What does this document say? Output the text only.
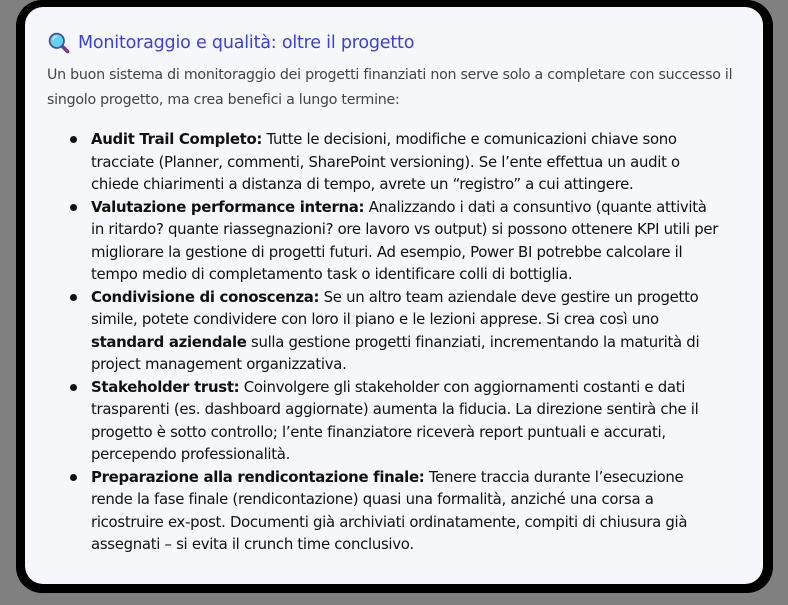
Monitoraggio e qualità: oltre il progetto
Un buon sistema di monitoraggio dei progetti finanziati non serve solo a completare con successo il singolo progetto, ma crea benefici a lungo termine:
Audit Trail Completo: Tutte le decisioni, modifiche e comunicazioni chiave sono tracciate (Planner, commenti, SharePoint versioning). Se l’ente effettua un audit o chiede chiarimenti a distanza di tempo, avrete un “registro” a cui attingere.
Valutazione performance interna: Analizzando i dati a consuntivo (quante attività in ritardo? quante riassegnazioni? ore lavoro vs output) si possono ottenere KPI utili per migliorare la gestione di progetti futuri. Ad esempio, Power BI potrebbe calcolare il tempo medio di completamento task o identificare colli di bottiglia.
Condivisione di conoscenza: Se un altro team aziendale deve gestire un progetto simile, potete condividere con loro il piano e le lezioni apprese. Si crea così uno standard aziendale sulla gestione progetti finanziati, incrementando la maturità di project management organizzativa.
Stakeholder trust: Coinvolgere gli stakeholder con aggiornamenti costanti e dati trasparenti (es. dashboard aggiornate) aumenta la fiducia. La direzione sentirà che il progetto è sotto controllo; l’ente finanziatore riceverà report puntuali e accurati, percependo professionalità.
Preparazione alla rendicontazione finale: Tenere traccia durante l’esecuzione rende la fase finale (rendicontazione) quasi una formalità, anziché una corsa a ricostruire ex-post. Documenti già archiviati ordinatamente, compiti di chiusura già assegnati – si evita il crunch time conclusivo.
